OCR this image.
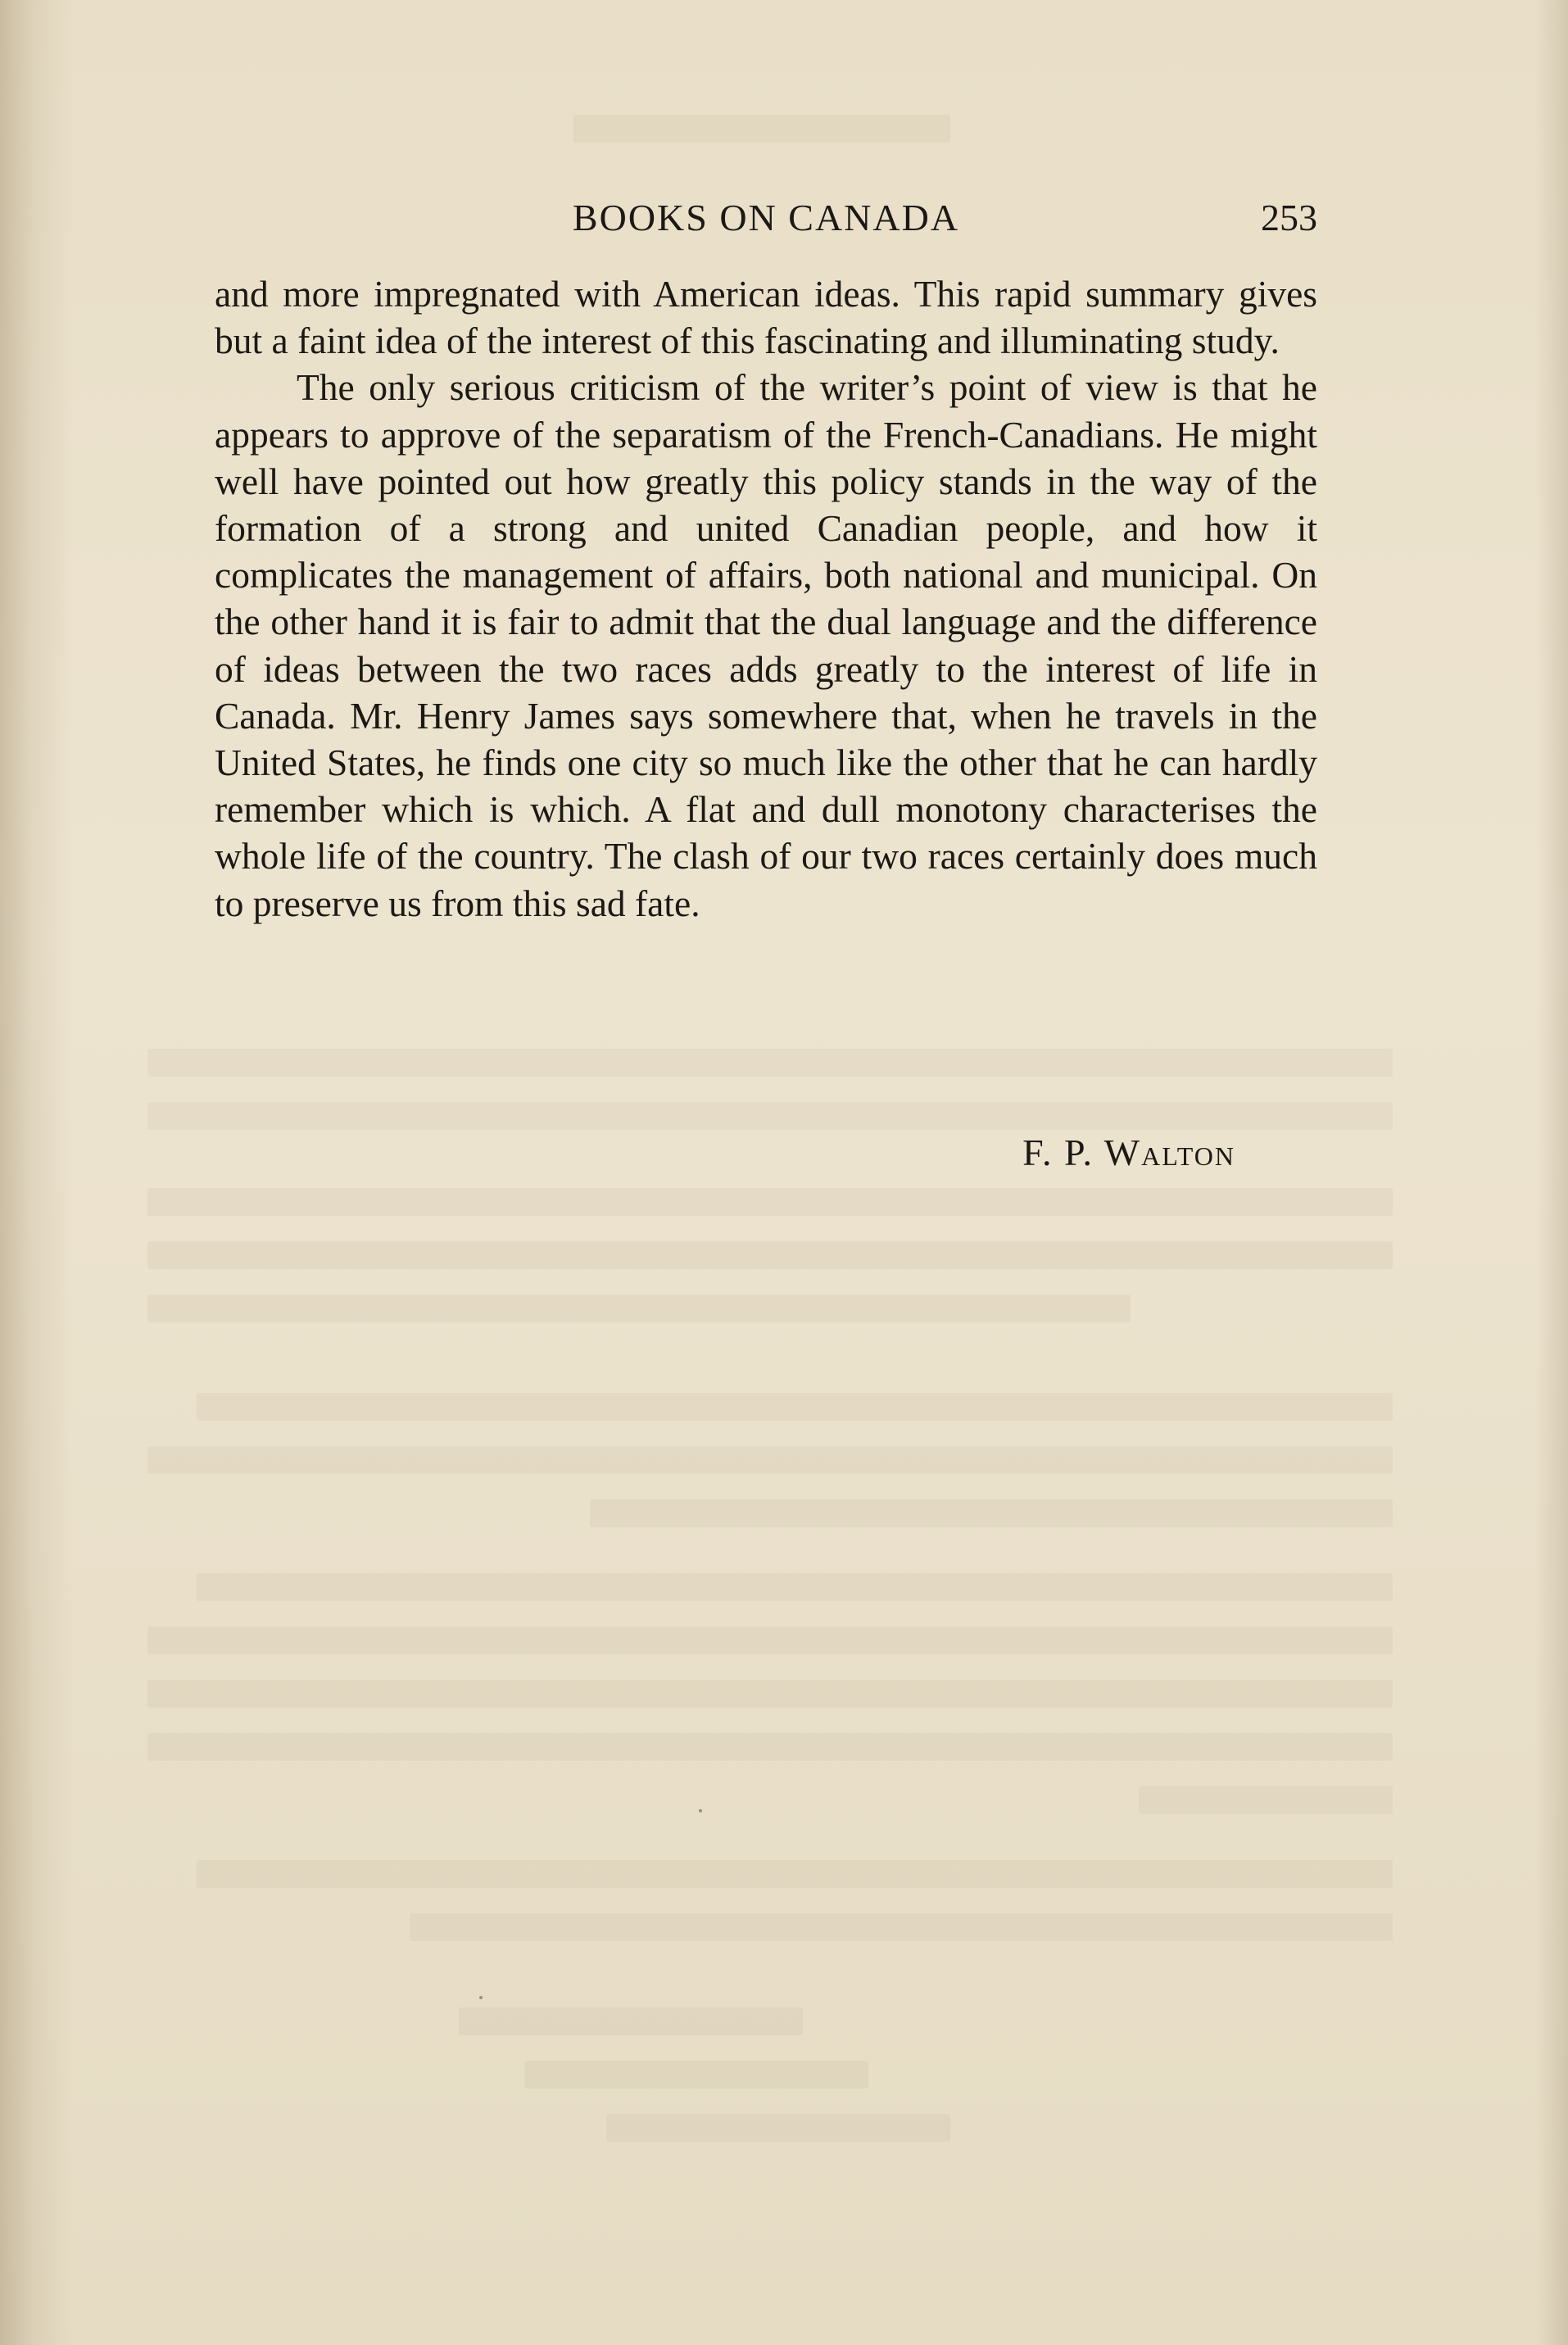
BOOKS ON CANADA	253

and more impregnated with American ideas. This rapid summary gives but a faint idea of the interest of this fascinating and illuminating study.

The only serious criticism of the writer’s point of view is that he appears to approve of the separatism of the French-Canadians. He might well have pointed out how greatly this policy stands in the way of the formation of a strong and united Canadian people, and how it complicates the management of affairs, both national and municipal. On the other hand it is fair to admit that the dual language and the difference of ideas between the two races adds greatly to the interest of life in Canada. Mr. Henry James says somewhere that, when he travels in the United States, he finds one city so much like the other that he can hardly remember which is which. A flat and dull monotony characterises the whole life of the country. The clash of our two races certainly does much to preserve us from this sad fate.

F. P. Walton
